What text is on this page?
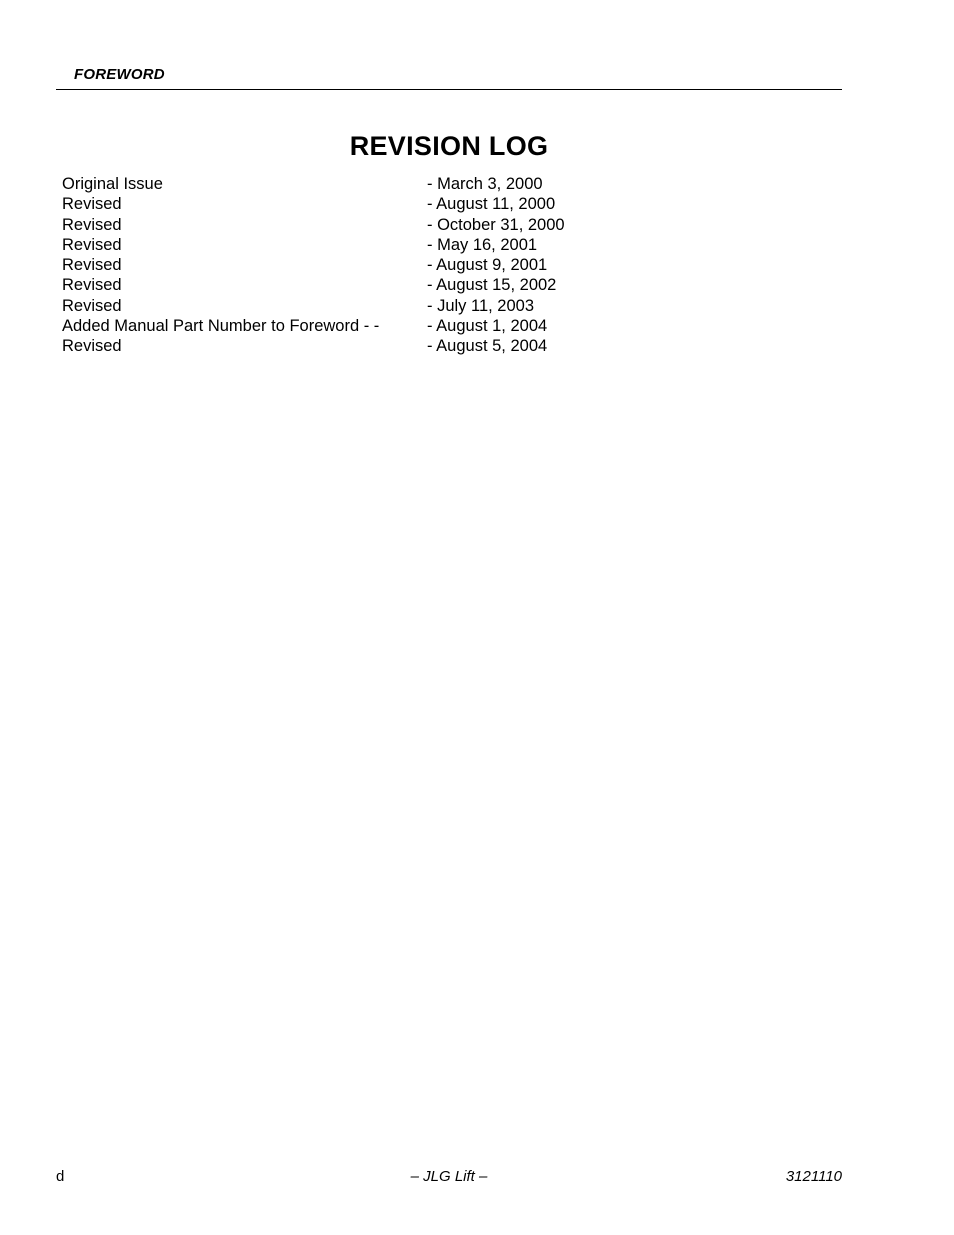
FOREWORD
REVISION LOG
Original Issue	- March 3, 2000
Revised	- August 11, 2000
Revised	- October 31, 2000
Revised	- May 16, 2001
Revised	- August 9, 2001
Revised	- August 15, 2002
Revised	- July 11, 2003
Added Manual Part Number to Foreword - -	- August 1, 2004
Revised	- August 5, 2004
d	– JLG Lift –	3121110
